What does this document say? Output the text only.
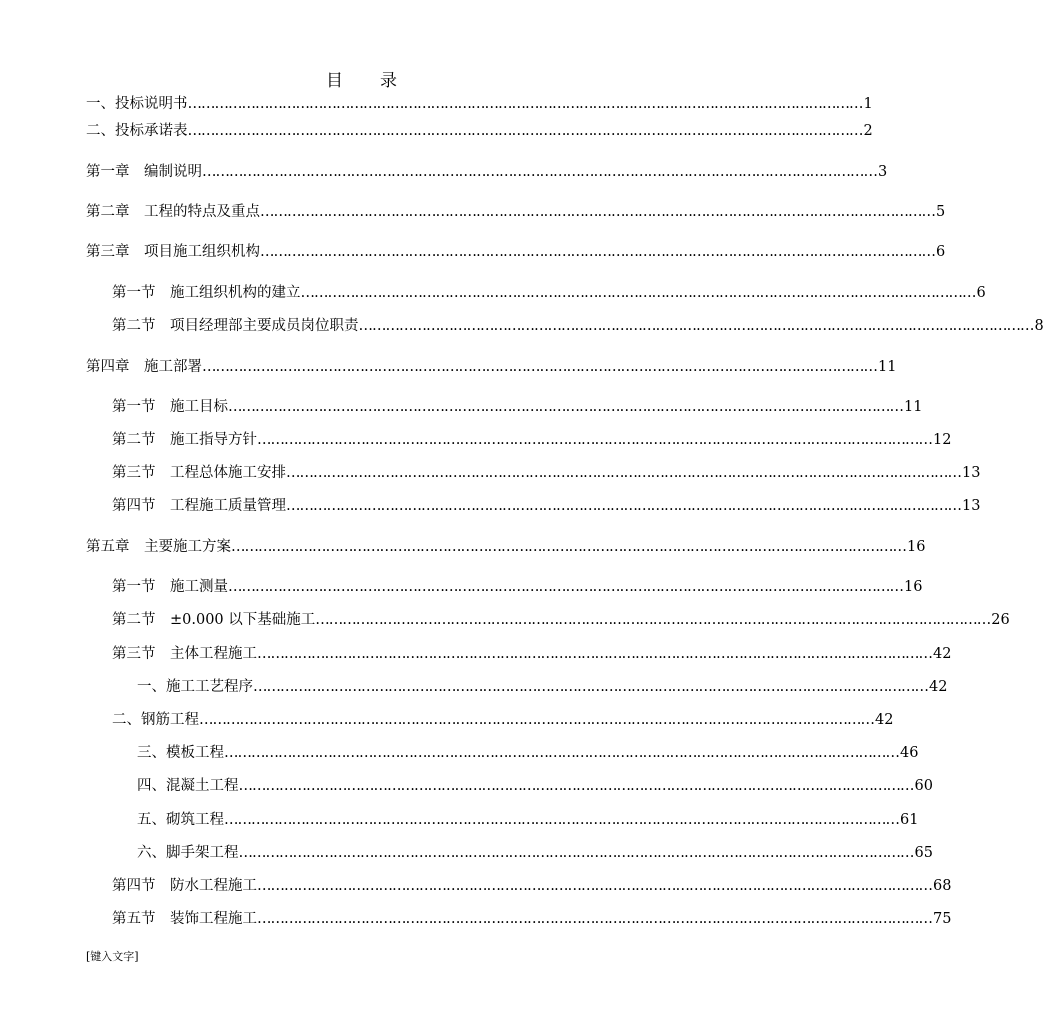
目　　录
一、投标说明书 …………………………………………………………………………………………………………………………………… 1
二、投标承诺表 …………………………………………………………………………………………………………………………………… 2
第一章　编制说明 …………………………………………………………………………………………………………………………………… 3
第二章　工程的特点及重点 …………………………………………………………………………………………………………………………………… 5
第三章　项目施工组织机构 …………………………………………………………………………………………………………………………………… 6
第一节　施工组织机构的建立 …………………………………………………………………………………………………………………………………… 6
第二节　项目经理部主要成员岗位职责 …………………………………………………………………………………………………………………………………… 8
第四章　施工部署 …………………………………………………………………………………………………………………………………… 11
第一节　施工目标 …………………………………………………………………………………………………………………………………… 11
第二节　施工指导方针 …………………………………………………………………………………………………………………………………… 12
第三节　工程总体施工安排 …………………………………………………………………………………………………………………………………… 13
第四节　工程施工质量管理 …………………………………………………………………………………………………………………………………… 13
第五章　主要施工方案 …………………………………………………………………………………………………………………………………… 16
第一节　施工测量 …………………………………………………………………………………………………………………………………… 16
第二节　±0.000 以下基础施工 …………………………………………………………………………………………………………………………………… 26
第三节　主体工程施工 …………………………………………………………………………………………………………………………………… 42
一、施工工艺程序 …………………………………………………………………………………………………………………………………… 42
二、钢筋工程 …………………………………………………………………………………………………………………………………… 42
三、模板工程 …………………………………………………………………………………………………………………………………… 46
四、混凝土工程 …………………………………………………………………………………………………………………………………… 60
五、砌筑工程 …………………………………………………………………………………………………………………………………… 61
六、脚手架工程 …………………………………………………………………………………………………………………………………… 65
第四节　防水工程施工 …………………………………………………………………………………………………………………………………… 68
第五节　装饰工程施工 …………………………………………………………………………………………………………………………………… 75
[键入文字]
